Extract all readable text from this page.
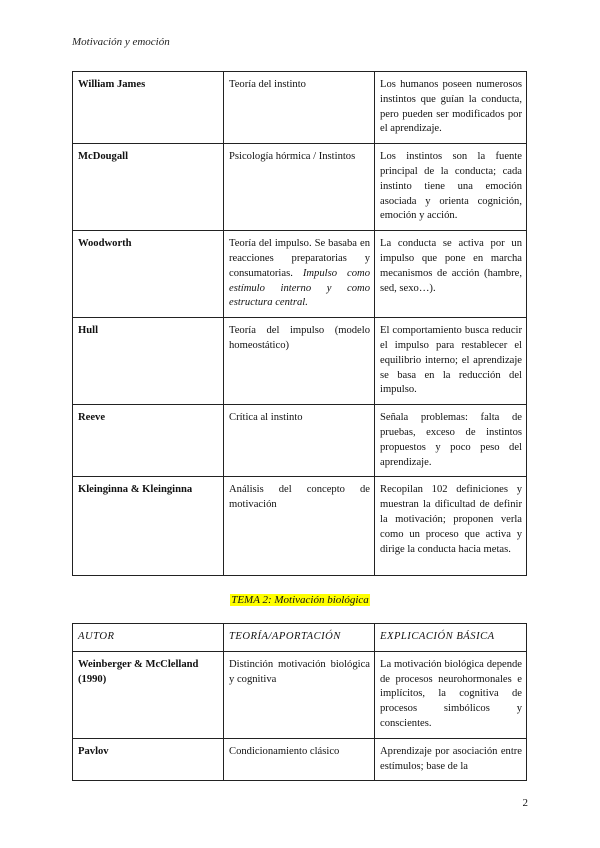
Motivación y emoción
William James	Teoría del instinto	Los humanos poseen numerosos instintos que guían la conducta, pero pueden ser modificados por el aprendizaje.
McDougall	Psicología hórmica / Instintos	Los instintos son la fuente principal de la conducta; cada instinto tiene una emoción asociada y orienta cognición, emoción y acción.
Woodworth	Teoría del impulso. Se basaba en reacciones preparatorias y consumatorias. Impulso como estímulo interno y como estructura central.	La conducta se activa por un impulso que pone en marcha mecanismos de acción (hambre, sed, sexo…).
Hull	Teoría del impulso (modelo homeostático)	El comportamiento busca reducir el impulso para restablecer el equilibrio interno; el aprendizaje se basa en la reducción del impulso.
Reeve	Crítica al instinto	Señala problemas: falta de pruebas, exceso de instintos propuestos y poco peso del aprendizaje.
Kleinginna & Kleinginna	Análisis del concepto de motivación	Recopilan 102 definiciones y muestran la dificultad de definir la motivación; proponen verla como un proceso que activa y dirige la conducta hacia metas.
TEMA 2: Motivación biológica
AUTOR	TEORÍA/APORTACIÓN	EXPLICACIÓN BÁSICA
Weinberger & McClelland (1990)	Distinción motivación biológica y cognitiva	La motivación biológica depende de procesos neurohormonales e implícitos, la cognitiva de procesos simbólicos y conscientes.
Pavlov	Condicionamiento clásico	Aprendizaje por asociación entre estímulos; base de la
2
